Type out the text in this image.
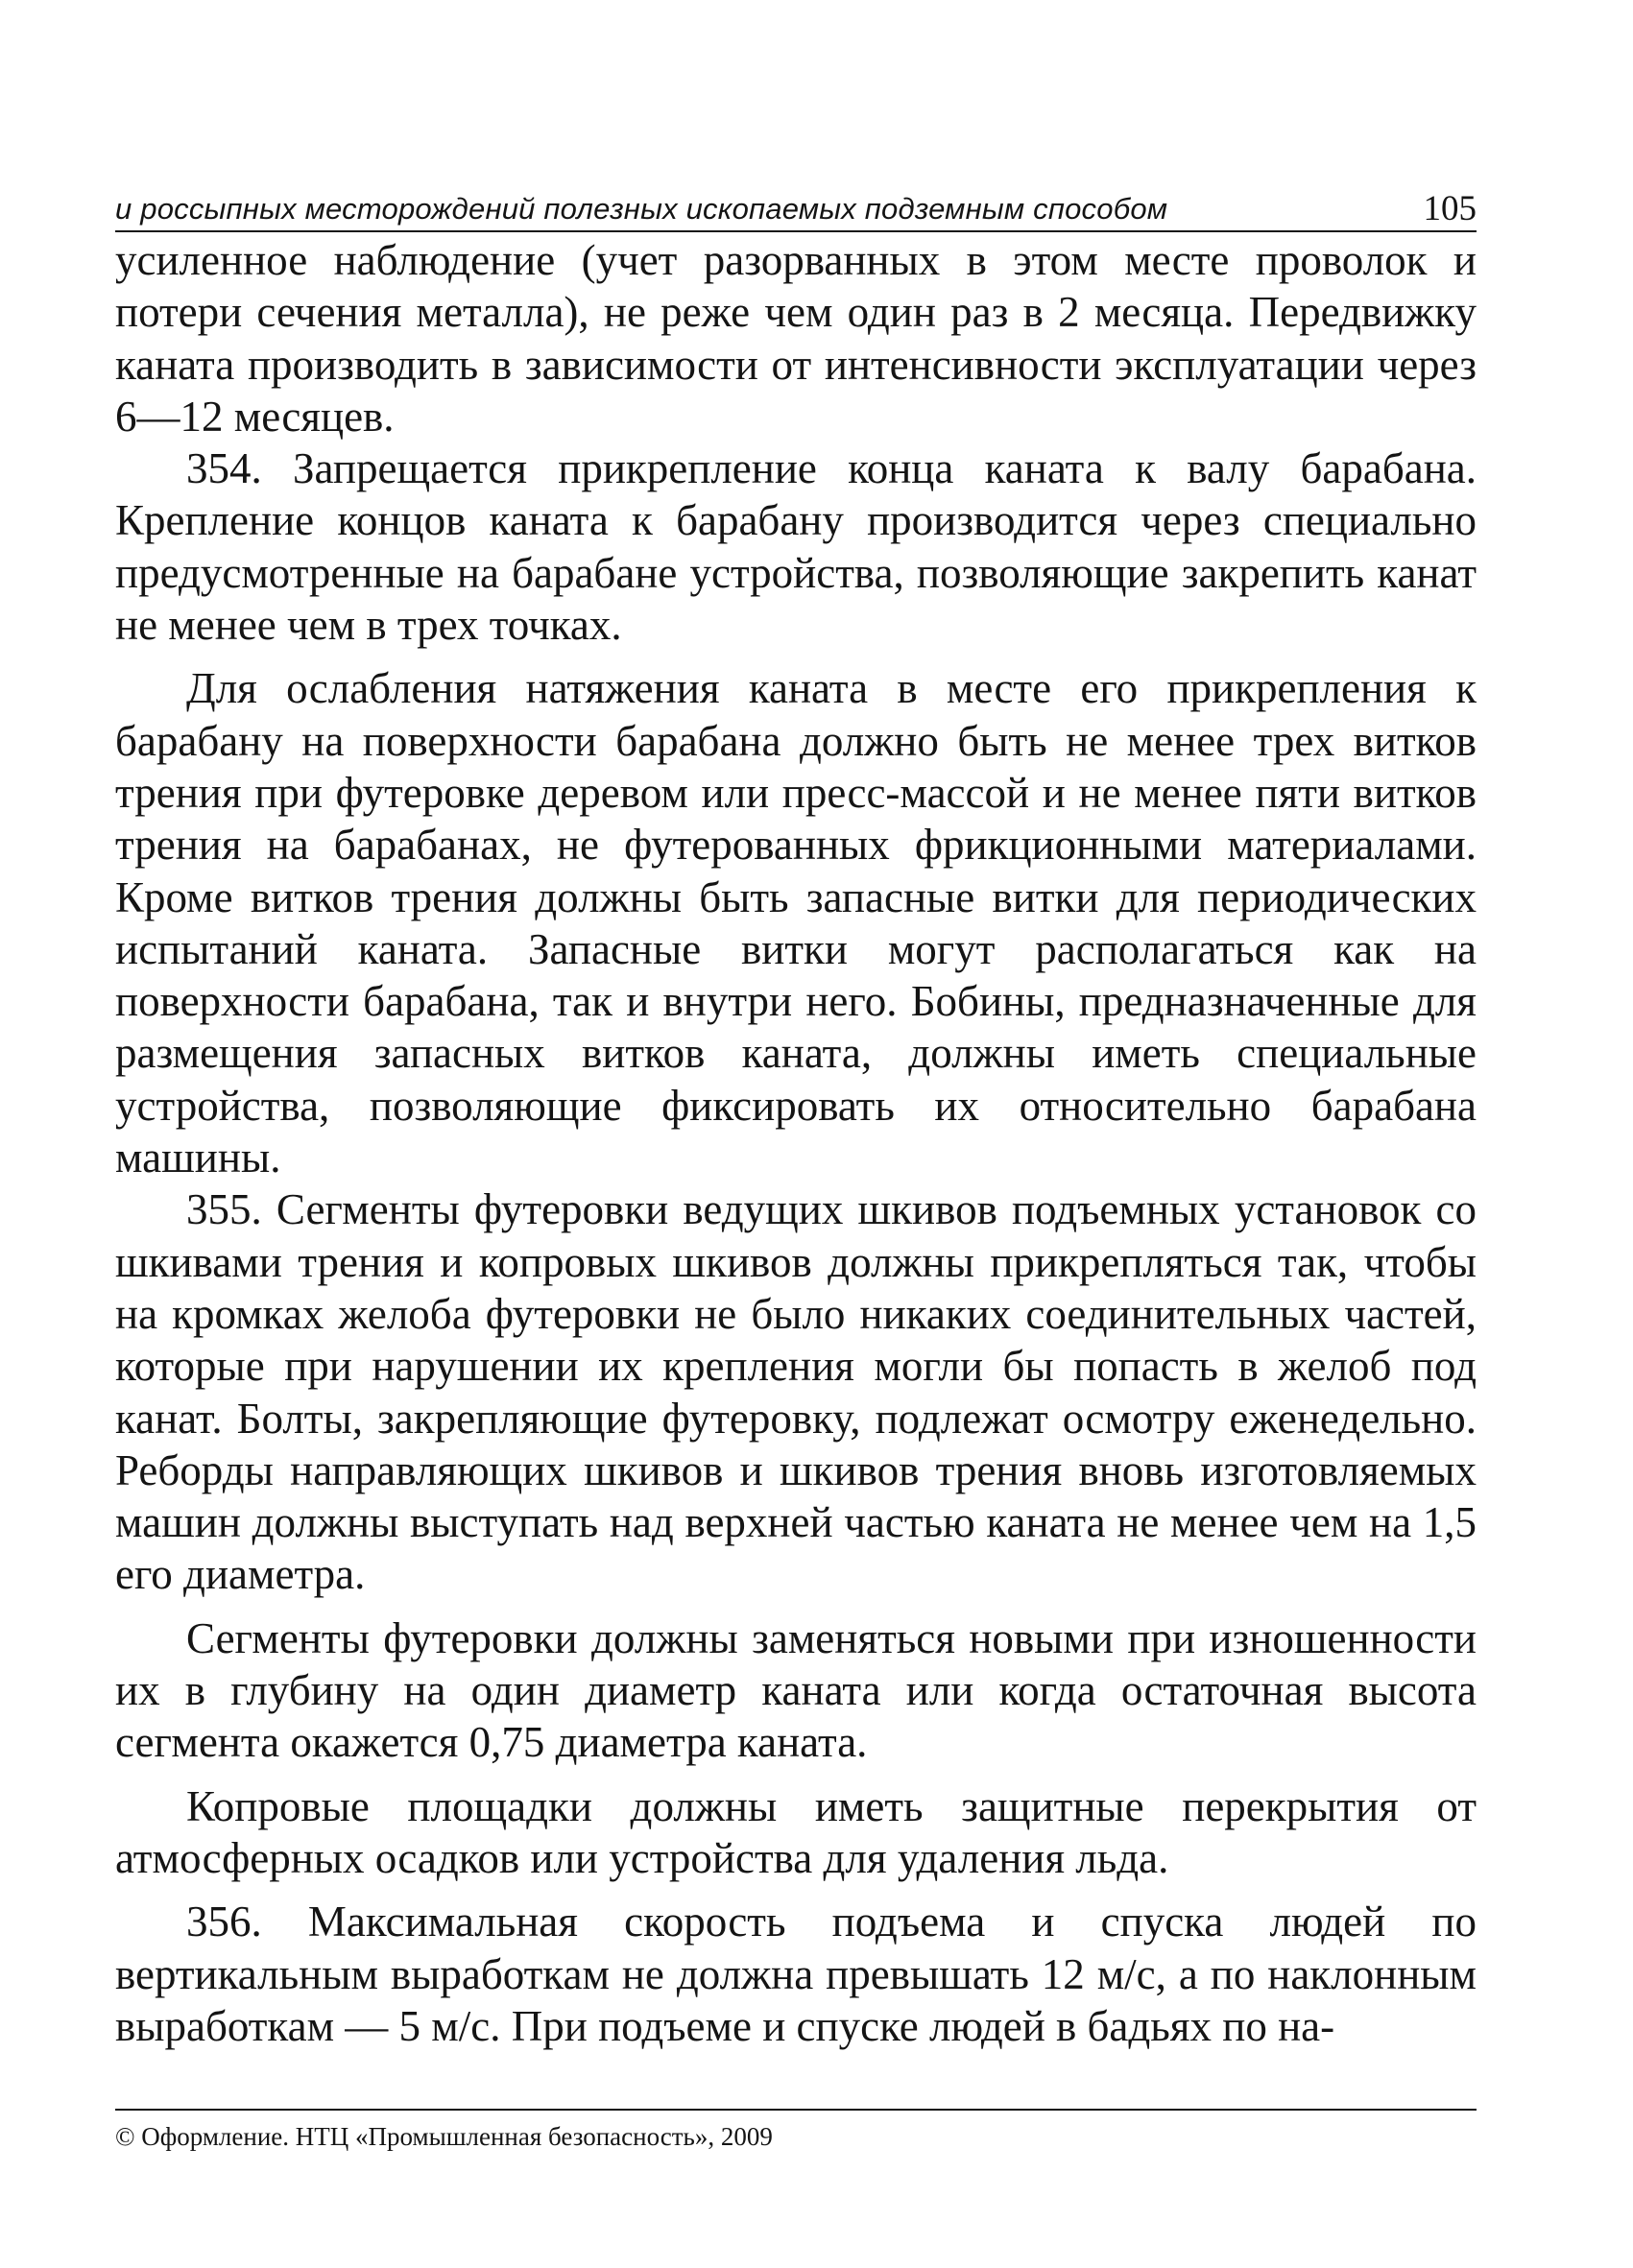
и россыпных месторождений полезных ископаемых подземным способом	105

усиленное наблюдение (учет разорванных в этом месте проволок и потери сечения металла), не реже чем один раз в 2 месяца. Передвижку каната производить в зависимости от интенсивности эксплуатации через 6—12 месяцев.

354. Запрещается прикрепление конца каната к валу барабана. Крепление концов каната к барабану производится через специально предусмотренные на барабане устройства, позволяющие закрепить канат не менее чем в трех точках.

Для ослабления натяжения каната в месте его прикрепления к барабану на поверхности барабана должно быть не менее трех витков трения при футеровке деревом или пресс-массой и не менее пяти витков трения на барабанах, не футерованных фрикционными материалами. Кроме витков трения должны быть запасные витки для периодических испытаний каната. Запасные витки могут располагаться как на поверхности барабана, так и внутри него. Бобины, предназначенные для размещения запасных витков каната, должны иметь специальные устройства, позволяющие фиксировать их относительно барабана машины.

355. Сегменты футеровки ведущих шкивов подъемных установок со шкивами трения и копровых шкивов должны прикрепляться так, чтобы на кромках желоба футеровки не было никаких соединительных частей, которые при нарушении их крепления могли бы попасть в желоб под канат. Болты, закрепляющие футеровку, подлежат осмотру еженедельно. Реборды направляющих шкивов и шкивов трения вновь изготовляемых машин должны выступать над верхней частью каната не менее чем на 1,5 его диаметра.

Сегменты футеровки должны заменяться новыми при изношенности их в глубину на один диаметр каната или когда остаточная высота сегмента окажется 0,75 диаметра каната.

Копровые площадки должны иметь защитные перекрытия от атмосферных осадков или устройства для удаления льда.

356. Максимальная скорость подъема и спуска людей по вертикальным выработкам не должна превышать 12 м/с, а по наклонным выработкам — 5 м/с. При подъеме и спуске людей в бадьях по на-

© Оформление. НТЦ «Промышленная безопасность», 2009
